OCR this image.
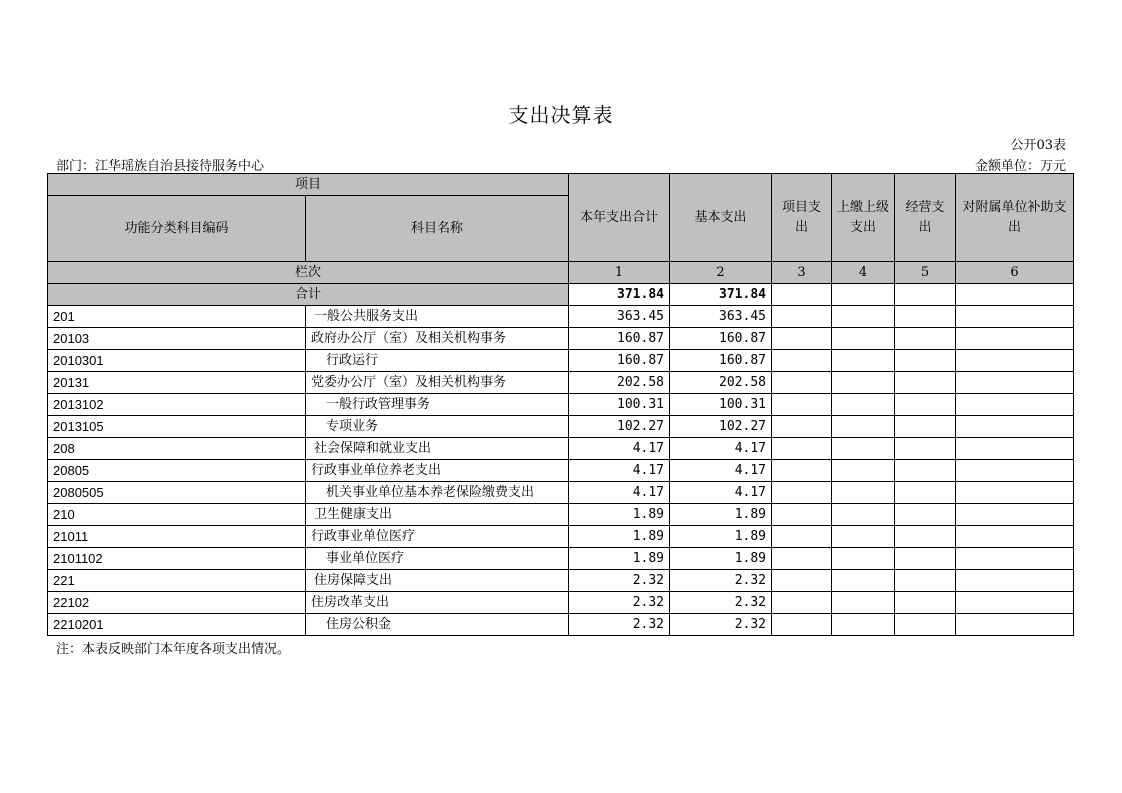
支出决算表
公开03表
部门：江华瑶族自治县接待服务中心	金额单位：万元
项目		本年支出合计	基本支出	项目支出	上缴上级支出	经营支出	对附属单位补助支出
功能分类科目编码	科目名称						
栏次		1	2	3	4	5	6
合计		371.84	371.84				
201	一般公共服务支出	363.45	363.45				
20103	政府办公厅（室）及相关机构事务	160.87	160.87				
2010301	行政运行	160.87	160.87				
20131	党委办公厅（室）及相关机构事务	202.58	202.58				
2013102	一般行政管理事务	100.31	100.31				
2013105	专项业务	102.27	102.27				
208	社会保障和就业支出	4.17	4.17				
20805	行政事业单位养老支出	4.17	4.17				
2080505	机关事业单位基本养老保险缴费支出	4.17	4.17				
210	卫生健康支出	1.89	1.89				
21011	行政事业单位医疗	1.89	1.89				
2101102	事业单位医疗	1.89	1.89				
221	住房保障支出	2.32	2.32				
22102	住房改革支出	2.32	2.32				
2210201	住房公积金	2.32	2.32				
注：本表反映部门本年度各项支出情况。
